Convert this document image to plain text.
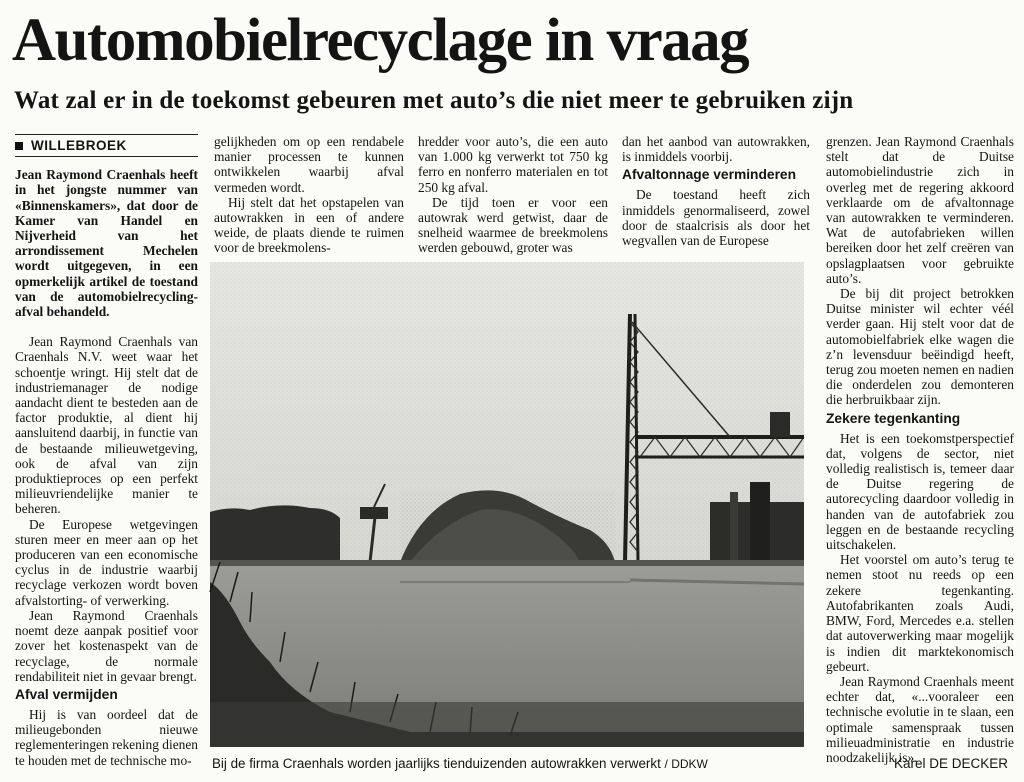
Automobielrecyclage in vraag
Wat zal er in de toekomst gebeuren met auto’s die niet meer te gebruiken zijn
WILLEBROEK

Jean Raymond Craenhals heeft in het jongste nummer van «Binnenskamers», dat door de Kamer van Handel en Nijverheid van het arrondissement Mechelen wordt uitgegeven, in een opmerkelijk artikel de toestand van de automobielrecycling-afval behandeld.

Jean Raymond Craenhals van Craenhals N.V. weet waar het schoentje wringt. Hij stelt dat de industriemanager de nodige aandacht dient te besteden aan de factor produktie, al dient hij aansluitend daarbij, in functie van de bestaande milieuwetgeving, ook de afval van zijn produktieproces op een perfekt milieuvriendelijke manier te beheren.

De Europese wetgevingen sturen meer en meer aan op het produceren van een economische cyclus in de industrie waarbij recyclage verkozen wordt boven afvalstorting- of verwerking.

Jean Raymond Craenhals noemt deze aanpak positief voor zover het kostenaspekt van de recyclage, de normale rendabiliteit niet in gevaar brengt.

Afval vermijden

Hij is van oordeel dat de milieugebonden nieuwe reglementeringen rekening dienen te houden met de technische mo-

gelijkheden om op een rendabele manier processen te kunnen ontwikkelen waarbij afval vermeden wordt.

Hij stelt dat het opstapelen van autowrakken in een of andere weide, de plaats diende te ruimen voor de breekmolens-

hredder voor auto’s, die een auto van 1.000 kg verwerkt tot 750 kg ferro en nonferro materialen en tot 250 kg afval.

De tijd toen er voor een autowrak werd getwist, daar de snelheid waarmee de breekmolens werden gebouwd, groter was

dan het aanbod van autowrakken, is inmiddels voorbij.

Afvaltonnage verminderen

De toestand heeft zich inmiddels genormaliseerd, zowel door de staalcrisis als door het wegvallen van de Europese

grenzen. Jean Raymond Craenhals stelt dat de Duitse automobielindustrie zich in overleg met de regering akkoord verklaarde om de afvaltonnage van autowrakken te verminderen. Wat de autofabrieken willen bereiken door het zelf creëren van opslagplaatsen voor gebruikte auto’s.

De bij dit project betrokken Duitse minister wil echter véél verder gaan. Hij stelt voor dat de automobielfabriek elke wagen die z’n levensduur beëindigd heeft, terug zou moeten nemen en nadien die onderdelen zou demonteren die herbruikbaar zijn.

Zekere tegenkanting

Het is een toekomstperspectief dat, volgens de sector, niet volledig realistisch is, temeer daar de Duitse regering de autorecycling daardoor volledig in handen van de autofabriek zou leggen en de bestaande recycling uitschakelen.

Het voorstel om auto’s terug te nemen stoot nu reeds op een zekere tegenkanting. Autofabrikanten zoals Audi, BMW, Ford, Mercedes e.a. stellen dat autoverwerking maar mogelijk is indien dit marktekonomisch gebeurt.

Jean Raymond Craenhals meent echter dat, «...vooraleer een technische evolutie in te slaan, een optimale samenspraak tussen milieuadministratie en industrie noodzakelijk is».

Bij de firma Craenhals worden jaarlijks tienduizenden autowrakken verwerkt / DDKW	Karel DE DECKER
